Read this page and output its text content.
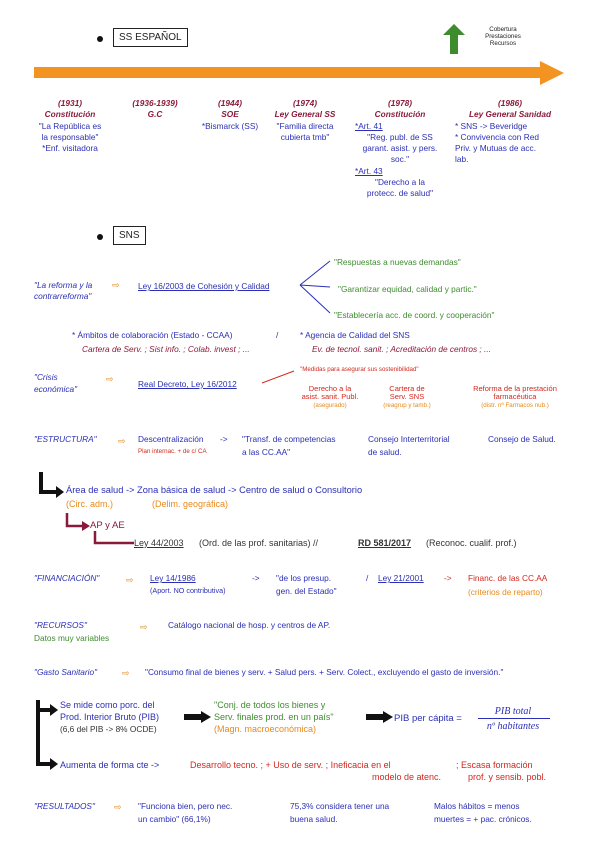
SS ESPAÑOL
Cobertura
Prestaciones
Recursos
(1931)
Constitución
"La República es
la responsable"
*Enf. visitadora
(1936-1939)
G.C
(1944)
SOE
*Bismarck (SS)
(1974)
Ley General SS
"Familia directa
cubierta tmb"
(1978)
Constitución
*Art. 41
"Reg. publ. de SS
garant. asist. y pers.
soc."
*Art. 43
"Derecho a la
protecc. de salud"
(1986)
Ley General Sanidad
* SNS -> Beveridge
* Convivencia con Red
Priv. y Mutuas de acc.
lab.
SNS
"La reforma y la
contrarreforma"
⇨ Ley 16/2003 de Cohesión y Calidad
"Respuestas a nuevas demandas"
"Garantizar equidad, calidad y partic."
"Establecería acc. de coord. y cooperación"
* Ámbitos de colaboración (Estado - CCAA)	/	* Agencia de Calidad del SNS
Cartera de Serv. ; Sist info. ; Colab. invest ; ...	Ev. de tecnol. sanit. ; Acreditación de centros ; ...
"Crisis
económica"
⇨	Real Decreto, Ley 16/2012
"Medidas para asegurar sus sostenibilidad"
Derecho a la
asist. sanit. Publ.
(asegurado)
Cartera de
Serv. SNS
(reagrup y tamb.)
Reforma de la prestación
farmacéutica
(distr. nº Farmacos nub.)
"ESTRUCTURA" ⇨ Descentralización ->
Plan internac. + de c/ CA
"Transf. de competencias
a las CC.AA"
Consejo Interterritorial
de salud.
Consejo de Salud.
Área de salud -> Zona básica de salud -> Centro de salud o Consultorio
(Circ. adm.)	(Delim. geográfica)
AP y AE
Ley 44/2003 (Ord. de las prof. sanitarias) //	RD 581/2017 (Reconoc. cualif. prof.)
"FINANCIACIÓN"	⇨ Ley 14/1986
(Aport. NO contributiva)
-> "de los presup.
gen. del Estado"
/ Ley 21/2001 -> Financ. de las CC.AA
(criterios de reparto)
"RECURSOS"
Datos muy variables
⇨ Catálogo nacional de hosp. y centros de AP.
"Gasto Sanitario"	⇨ "Consumo final de bienes y serv. + Salud pers. + Serv. Colect., excluyendo el gasto de inversión."
Se mide como porc. del
Prod. Interior Bruto (PIB)
(6,6 del PIB -> 8% OCDE)
"Conj. de todos los bienes y
Serv. finales prod. en un país"
(Magn. macroeconómica)
PIB per cápita =
PIB total
nº habitantes
Aumenta de forma cte ->	Desarrollo tecno. ; + Uso de serv. ; Ineficacia en el	; Escasa formación
modelo de atenc.	prof. y sensib. pobl.
"RESULTADOS" ⇨ "Funciona bien, pero nec.
un cambio" (66,1%)
75,3% considera tener una
buena salud.
Malos hábitos = menos
muertes = + pac. crónicos.
